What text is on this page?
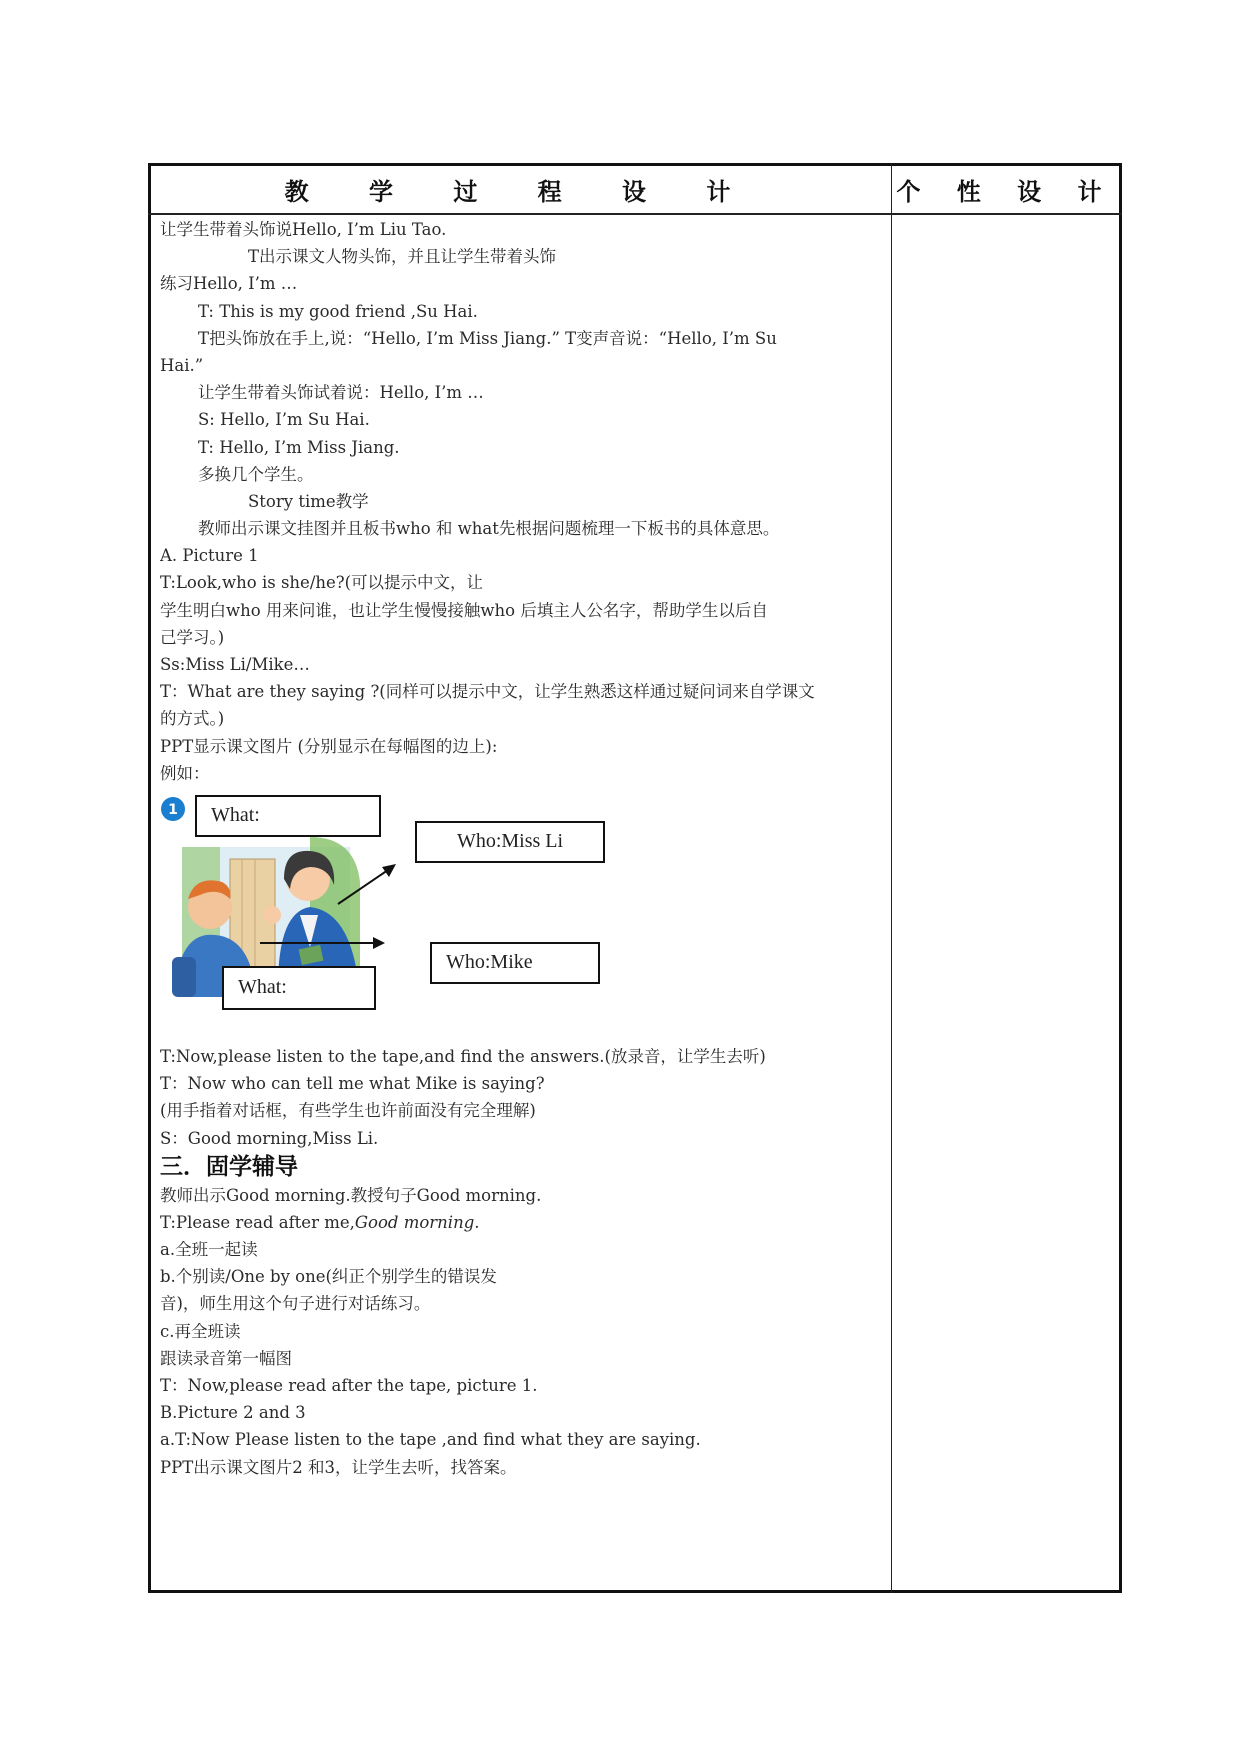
教 学 过 程 设 计	个 性 设 计
让学生带着头饰说Hello, I’m Liu Tao.
T出示课文人物头饰，并且让学生带着头饰
练习Hello, I’m …
T: This is my good friend ,Su Hai.
T把头饰放在手上,说：“Hello, I’m Miss Jiang.” T变声音说：“Hello, I’m Su
Hai.”
让学生带着头饰试着说：Hello, I’m …
S: Hello, I’m Su Hai.
T: Hello, I’m Miss Jiang.
多换几个学生。
Story time教学
教师出示课文挂图并且板书who 和 what先根据问题梳理一下板书的具体意思。
A. Picture 1
T:Look,who is she/he?(可以提示中文，让
学生明白who 用来问谁，也让学生慢慢接触who 后填主人公名字，帮助学生以后自
己学习。)
Ss:Miss Li/Mike…
T：What are they saying ?(同样可以提示中文，让学生熟悉这样通过疑问词来自学课文
的方式。)
PPT显示课文图片 (分别显示在每幅图的边上):
例如：
1	What:
Who:Miss Li
Who:Mike
What:
T:Now,please listen to the tape,and find the answers.(放录音，让学生去听)
T：Now who can tell me what Mike is saying?
(用手指着对话框，有些学生也许前面没有完全理解)
S：Good morning,Miss Li.
三．固学辅导
教师出示Good morning.教授句子Good morning.
T:Please read after me,Good morning.
a.全班一起读
b.个别读/One by one(纠正个别学生的错误发
音)，师生用这个句子进行对话练习。
c.再全班读
跟读录音第一幅图
T：Now,please read after the tape, picture 1.
B.Picture 2 and 3
a.T:Now Please listen to the tape ,and find what they are saying.
PPT出示课文图片2 和3，让学生去听，找答案。
